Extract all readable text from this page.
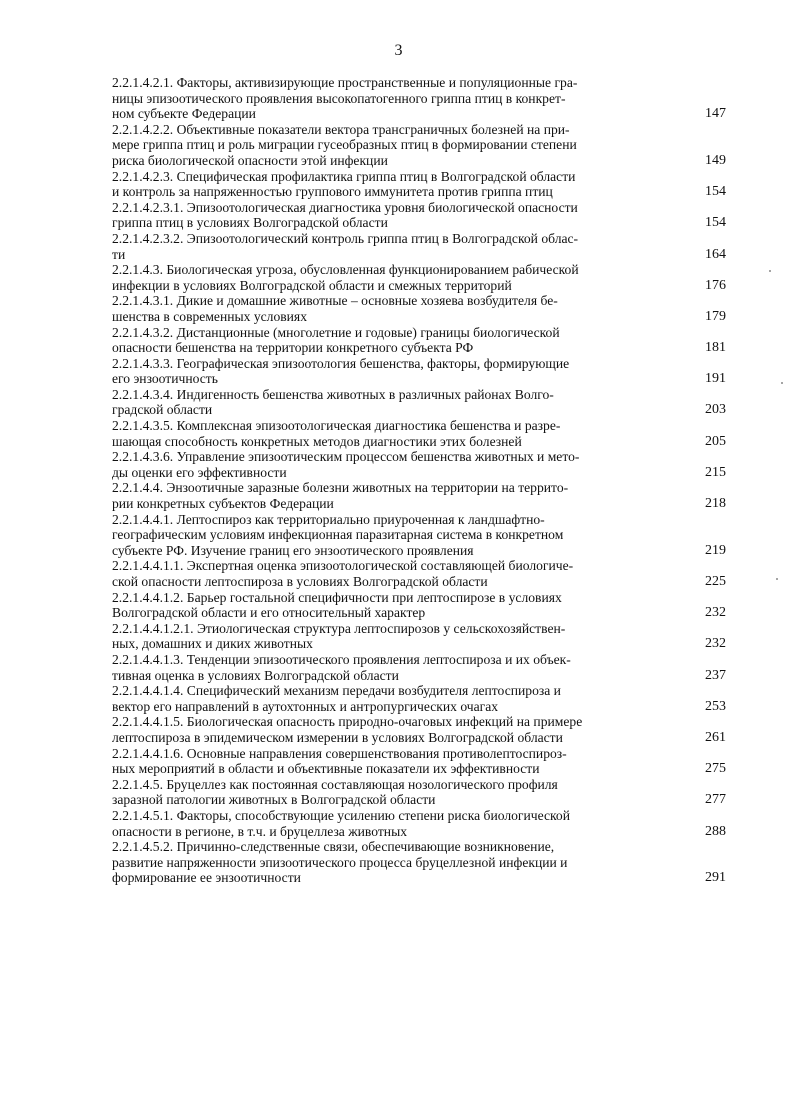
3
2.2.1.4.2.1. Факторы, активизирующие пространственные и популяционные гра-
ницы эпизоотического проявления высокопатогенного гриппа птиц в конкрет-
ном субъекте Федерации	147
2.2.1.4.2.2. Объективные показатели вектора трансграничных болезней на при-
мере гриппа птиц и роль миграции гусеобразных птиц в формировании степени
риска биологической опасности этой инфекции	149
2.2.1.4.2.3. Специфическая профилактика гриппа птиц в Волгоградской области
и контроль за напряженностью группового иммунитета против гриппа птиц	154
2.2.1.4.2.3.1. Эпизоотологическая диагностика уровня биологической опасности
гриппа птиц в условиях Волгоградской области	154
2.2.1.4.2.3.2. Эпизоотологический контроль гриппа птиц в Волгоградской облас-
ти	164
2.2.1.4.3. Биологическая угроза, обусловленная функционированием рабической
инфекции в условиях Волгоградской области и смежных территорий	176
2.2.1.4.3.1. Дикие и домашние животные – основные хозяева возбудителя бе-
шенства в современных условиях	179
2.2.1.4.3.2. Дистанционные (многолетние и годовые) границы биологической
опасности бешенства на территории конкретного субъекта РФ	181
2.2.1.4.3.3. Географическая эпизоотология бешенства, факторы, формирующие
его энзоотичность	191
2.2.1.4.3.4. Индигенность бешенства животных в различных районах Волго-
градской области	203
2.2.1.4.3.5. Комплексная эпизоотологическая диагностика бешенства и разре-
шающая способность конкретных методов диагностики этих болезней	205
2.2.1.4.3.6. Управление эпизоотическим процессом бешенства животных и мето-
ды оценки его эффективности	215
2.2.1.4.4. Энзоотичные заразные болезни животных на территории на террито-
рии конкретных субъектов Федерации	218
2.2.1.4.4.1. Лептоспироз как территориально приуроченная к ландшафтно-
географическим условиям инфекционная паразитарная система в конкретном
субъекте РФ. Изучение границ его энзоотического проявления	219
2.2.1.4.4.1.1. Экспертная оценка эпизоотологической составляющей биологиче-
ской опасности лептоспироза в условиях Волгоградской области	225
2.2.1.4.4.1.2. Барьер гостальной специфичности при лептоспирозе в условиях
Волгоградской области и его относительный характер	232
2.2.1.4.4.1.2.1. Этиологическая структура лептоспирозов у сельскохозяйствен-
ных, домашних и диких животных	232
2.2.1.4.4.1.3. Тенденции эпизоотического проявления лептоспироза и их объек-
тивная оценка в условиях Волгоградской области	237
2.2.1.4.4.1.4. Специфический механизм передачи возбудителя лептоспироза и
вектор его направлений в аутохтонных и антропургических очагах	253
2.2.1.4.4.1.5. Биологическая опасность природно-очаговых инфекций на примере
лептоспироза в эпидемическом измерении в условиях Волгоградской области	261
2.2.1.4.4.1.6. Основные направления совершенствования противолептоспироз-
ных мероприятий в области и объективные показатели их эффективности	275
2.2.1.4.5. Бруцеллез как постоянная составляющая нозологического профиля
заразной патологии животных в Волгоградской области	277
2.2.1.4.5.1. Факторы, способствующие усилению степени риска биологической
опасности в регионе, в т.ч. и бруцеллеза животных	288
2.2.1.4.5.2. Причинно-следственные связи, обеспечивающие возникновение,
развитие напряженности эпизоотического процесса бруцеллезной инфекции и
формирование ее энзоотичности	291
